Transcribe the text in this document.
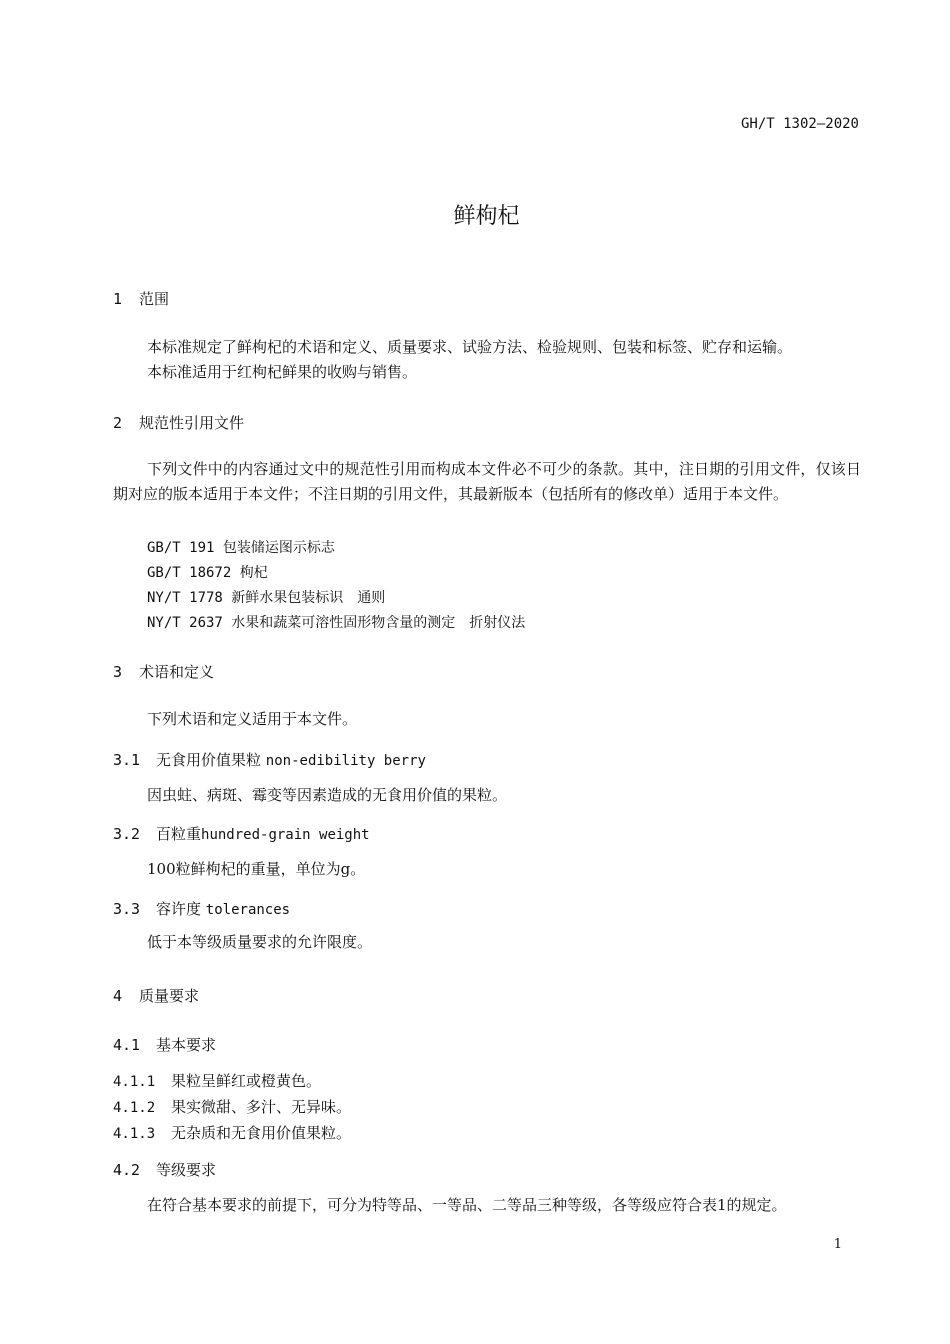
GH/T 1302—2020
鲜枸杞
1 范围
本标准规定了鲜枸杞的术语和定义、质量要求、试验方法、检验规则、包装和标签、贮存和运输。
本标准适用于红枸杞鲜果的收购与销售。
2 规范性引用文件
下列文件中的内容通过文中的规范性引用而构成本文件必不可少的条款。其中，注日期的引用文件，仅该日期对应的版本适用于本文件；不注日期的引用文件，其最新版本（包括所有的修改单）适用于本文件。
GB/T 191 包装储运图示标志
GB/T 18672 枸杞
NY/T 1778 新鲜水果包装标识　通则
NY/T 2637 水果和蔬菜可溶性固形物含量的测定　折射仪法
3 术语和定义
下列术语和定义适用于本文件。
3.1 无食用价值果粒 non-edibility berry
因虫蛀、病斑、霉变等因素造成的无食用价值的果粒。
3.2 百粒重hundred-grain weight
100粒鲜枸杞的重量，单位为g。
3.3 容许度 tolerances
低于本等级质量要求的允许限度。
4 质量要求
4.1 基本要求
4.1.1 果粒呈鲜红或橙黄色。
4.1.2 果实微甜、多汁、无异味。
4.1.3 无杂质和无食用价值果粒。
4.2 等级要求
在符合基本要求的前提下，可分为特等品、一等品、二等品三种等级，各等级应符合表1的规定。
1
